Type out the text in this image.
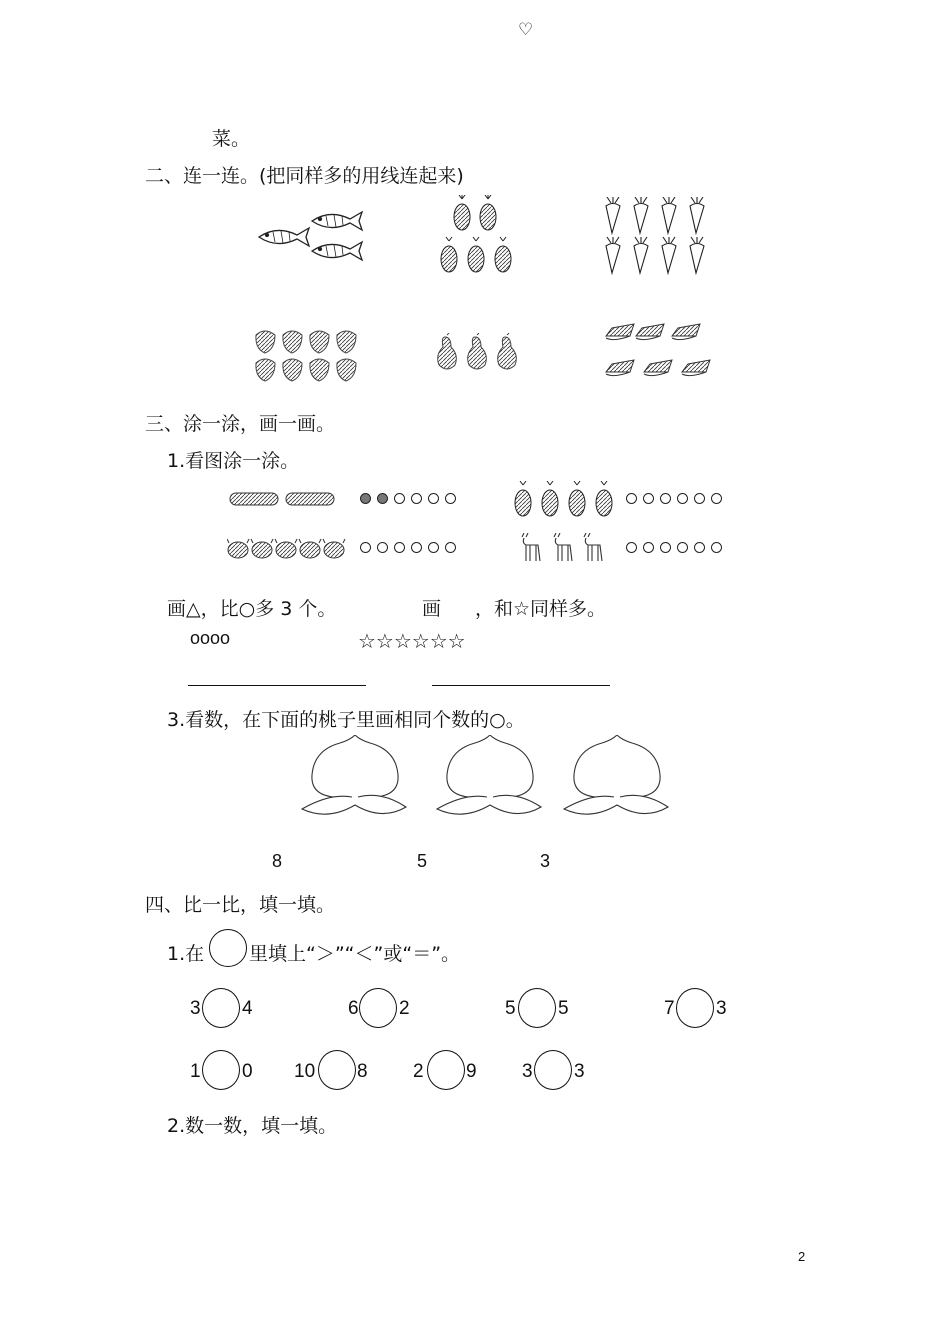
♡
菜。
二、连一连。(把同样多的用线连起来)
三、涂一涂，画一画。
1.看图涂一涂。
画△，比○多 3 个。	画 ，和☆同样多。
oooo	☆☆☆☆☆☆
3.看数，在下面的桃子里画相同个数的○。
8	5	3
四、比一比，填一填。
1.在 里填上“＞”“＜”或“＝”。
3 4	6 2	5 5	7 3
1 0 10 8 2 9 3 3
2.数一数，填一填。
2
